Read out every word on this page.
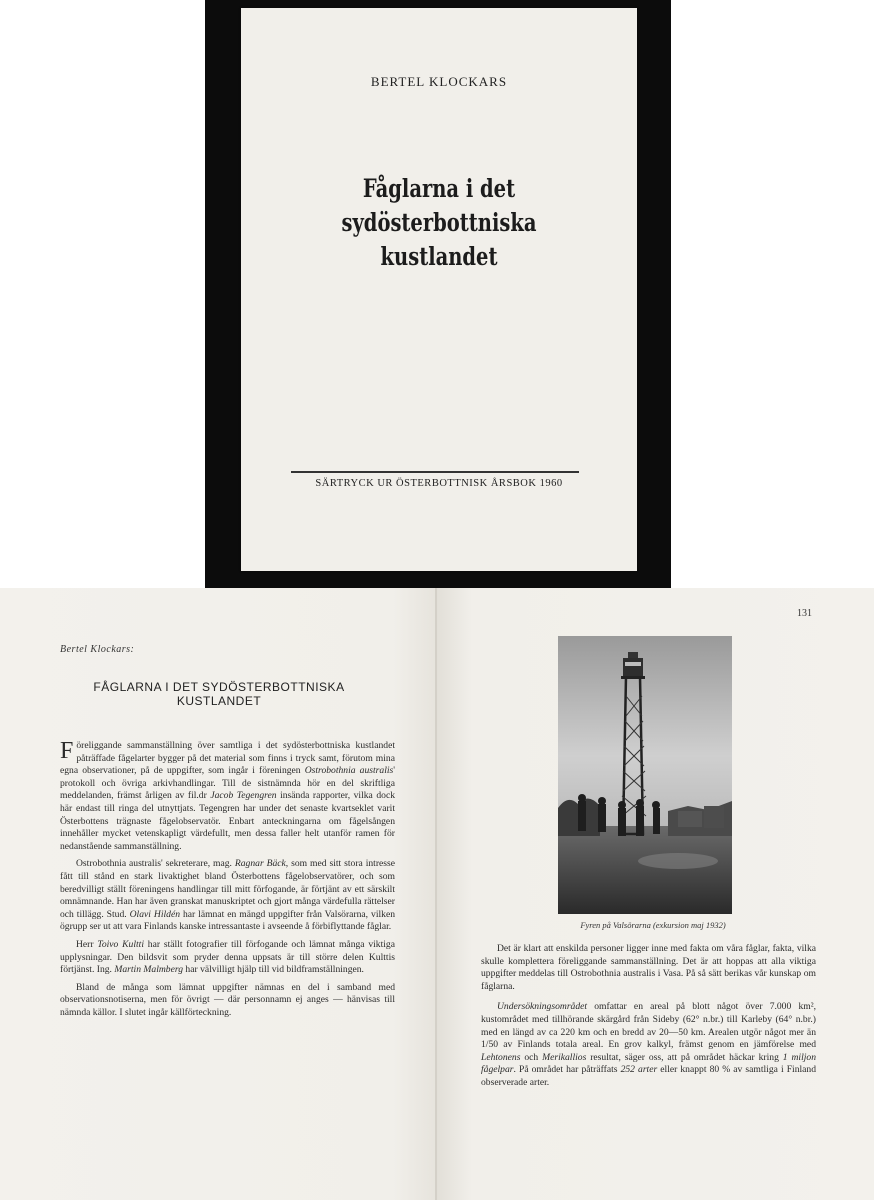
BERTEL KLOCKARS
Fåglarna i det sydösterbottniska
kustlandet
SÄRTRYCK UR ÖSTERBOTTNISK ÅRSBOK 1960
Bertel Klockars:
FÅGLARNA I DET SYDÖSTERBOTTNISKA
KUSTLANDET

Föreliggande sammanställning över samtliga i det sydösterbottniska kustlandet påträffade fågelarter bygger på det material som finns i tryck samt, förutom mina egna observationer, på de uppgifter, som ingår i föreningen Ostrobothnia australis' protokoll och övriga arkivhandlingar. Till de sistnämnda hör en del skriftliga meddelanden, främst årligen av fil.dr Jacob Tegengren insända rapporter, vilka dock här endast till ringa del utnyttjats. Tegengren har under det senaste kvartseklet varit Österbottens trägnaste fågelobservatör. Enbart anteckningarna om fågelsången innehåller mycket vetenskapligt värdefullt, men dessa faller helt utanför ramen för nedanstående sammanställning.

Ostrobothnia australis' sekreterare, mag. Ragnar Bäck, som med sitt stora intresse fått till stånd en stark livaktighet bland Österbottens fågelobservatörer, och som beredvilligt ställt föreningens handlingar till mitt förfogande, är förtjänt av ett särskilt omnämnande. Han har även granskat manuskriptet och gjort många värdefulla rättelser och tillägg. Stud. Olavi Hildén har lämnat en mängd uppgifter från Valsörarna, vilken ögrupp ser ut att vara Finlands kanske intressantaste i avseende å förbiflyttande fåglar.

Herr Toivo Kultti har ställt fotografier till förfogande och lämnat många viktiga upplysningar. Den bildsvit som pryder denna uppsats är till större delen Kulttis förtjänst. Ing. Martin Malmberg har välvilligt hjälp till vid bildframställningen.

Bland de många som lämnat uppgifter nämnas en del i samband med observationsnotiserna, men för övrigt — där personnamn ej anges — hänvisas till nämnda källor. I slutet ingår källförteckning.

131
Fyren på Valsörarna (exkursion maj 1932)

Det är klart att enskilda personer ligger inne med fakta om våra fåglar, fakta, vilka skulle komplettera föreliggande sammanställning. Det är att hoppas att alla viktiga uppgifter meddelas till Ostrobothnia australis i Vasa. På så sätt berikas vår kunskap om fåglarna.

Undersökningsområdet omfattar en areal på blott något över 7.000 km², kustområdet med tillhörande skärgård från Sideby (62° n.br.) till Karleby (64° n.br.) med en längd av ca 220 km och en bredd av 20—50 km. Arealen utgör något mer än 1/50 av Finlands totala areal. En grov kalkyl, främst genom en jämförelse med Lehtonens och Merikallios resultat, säger oss, att på området häckar kring 1 miljon fågelpar. På området har påträffats 252 arter eller knappt 80 % av samtliga i Finland observerade arter.
